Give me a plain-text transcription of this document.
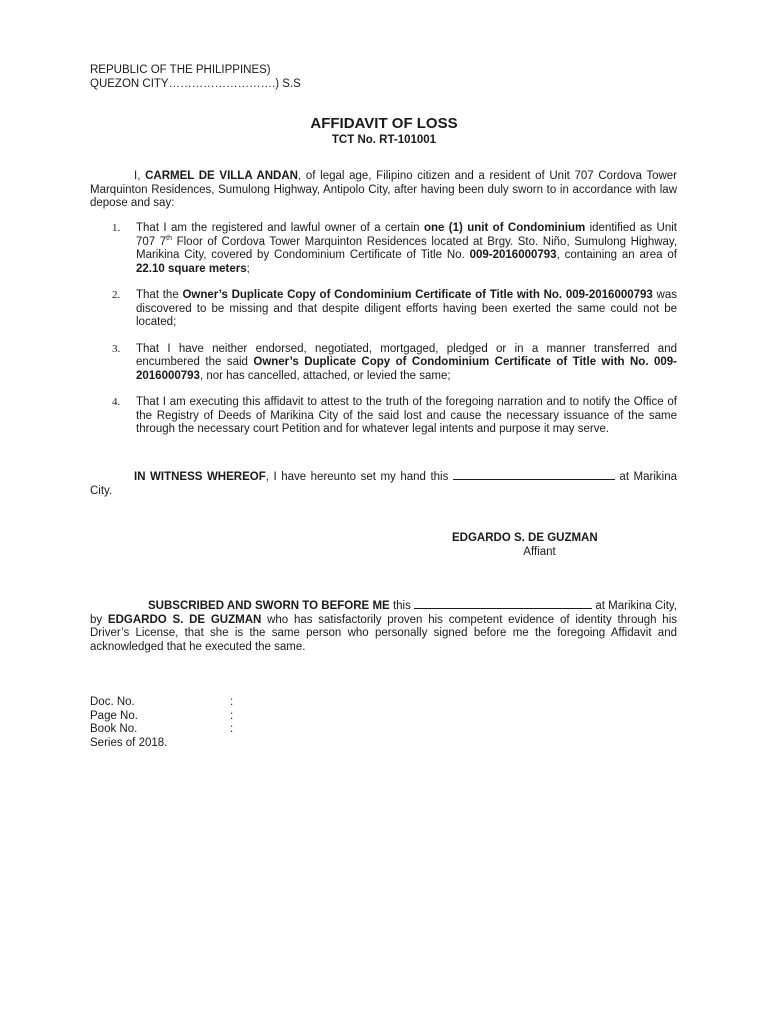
REPUBLIC OF THE PHILIPPINES)
QUEZON CITY……………………….) S.S
AFFIDAVIT OF LOSS
TCT No. RT-101001
I, CARMEL DE VILLA ANDAN, of legal age, Filipino citizen and a resident of Unit 707 Cordova Tower Marquinton Residences, Sumulong Highway, Antipolo City, after having been duly sworn to in accordance with law depose and say:
1.	That I am the registered and lawful owner of a certain one (1) unit of Condominium identified as Unit 707 7th Floor of Cordova Tower Marquinton Residences located at Brgy. Sto. Niño, Sumulong Highway, Marikina City, covered by Condominium Certificate of Title No. 009-2016000793, containing an area of 22.10 square meters;
2.	That the Owner’s Duplicate Copy of Condominium Certificate of Title with No. 009-2016000793 was discovered to be missing and that despite diligent efforts having been exerted the same could not be located;
3.	That I have neither endorsed, negotiated, mortgaged, pledged or in a manner transferred and encumbered the said Owner’s Duplicate Copy of Condominium Certificate of Title with No. 009-2016000793, nor has cancelled, attached, or levied the same;
4.	That I am executing this affidavit to attest to the truth of the foregoing narration and to notify the Office of the Registry of Deeds of Marikina City of the said lost and cause the necessary issuance of the same through the necessary court Petition and for whatever legal intents and purpose it may serve.
IN WITNESS WHEREOF, I have hereunto set my hand this	at Marikina City.
EDGARDO S. DE GUZMAN
Affiant
SUBSCRIBED AND SWORN TO BEFORE ME this	at Marikina City, by EDGARDO S. DE GUZMAN who has satisfactorily proven his competent evidence of identity through his Driver’s License, that she is the same person who personally signed before me the foregoing Affidavit and acknowledged that he executed the same.
Doc. No.	:
Page No.	:
Book No.	:
Series of 2018.
